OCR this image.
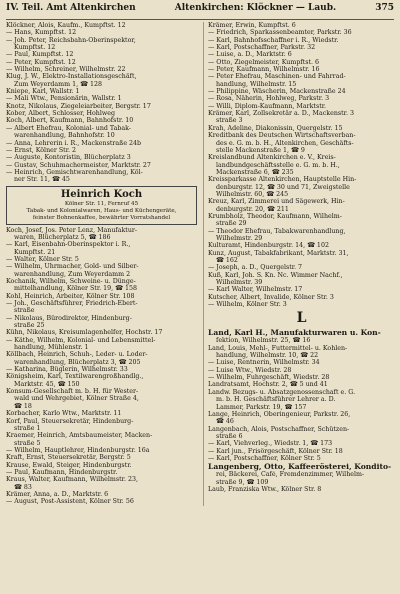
IV. Teil. Amt Altenkirchen	Altenkirchen: Klöckner — Laub.	375
Klöckner, Alois, Kaufm., Kumpftst. 12
— Hans, Kumpftst. 12
— Joh. Peter, Reichsbahn-Oberinspektor,
Kumpftst. 12
— Paul, Kumpftst. 12
— Peter, Kumpftst. 12
— Wilhelm, Schreiner, Wilhelmstr. 22
Klug, J. W., Elektro-Installationsgeschäft,
Zum Weyerdamm 1, ☎ 128
Kniepe, Karl, Wallstr. 1
— Mali Wtw., Pensionärin, Wallstr. 1
Knotz, Nikolaus, Ziegeleiarbeiter, Bergstr. 17
Kober, Albert, Schlosser, Hohlweg
Koch, Albert, Kaufmann, Bahnhofstr. 10
— Albert Ehefrau, Kolonial- und Tabak-
warenhandlung, Bahnhofstr. 10
— Anna, Lehrerin i. R., Mackenstraße 24b
— Ernst, Kölner Str. 2
— Auguste, Kontoristin, Blücherplatz 3
— Gustav, Schuhmachermeister, Marktstr. 27
— Heinrich, Gemischtwarenhandlung, Köl-
ner Str. 11, ☎ 45
Heinrich Koch
Kölner Str. 11, Fernruf 45
Tabak- und Kolonialwaren, Haus- und Küchengeräte,
feinster Bohnenkaffee, bewährter Vorratshandel
Koch, Josef, Jos. Peter Lenz, Manufaktur-
waren, Blücherplatz 5, ☎ 186
— Karl, Eisenbahn-Oberinspektor i. R.,
Kumpftst. 21
— Walter, Kölner Str. 5
— Wilhelm, Uhrmacher, Gold- und Silber-
warenhandlung, Zum Weyerdamm 2
Kochanik, Wilhelm, Schweine- u. Dünge-
mittelhandlung, Kölner Str. 19, ☎ 158
Kohl, Heinrich, Arbeiter, Kölner Str. 108
— Joh., Geschäftsführer, Friedrich-Ebert-
straße
— Nikolaus, Bürodirektor, Hindenburg-
straße 25
Kühn, Nikolaus, Kreisumlagenhelfer, Hochstr. 17
— Käthe, Wilhelm, Kolonial- und Lebensmittel-
handlung, Mühlenstr. 1
Köllbach, Heinrich, Schuh-, Leder- u. Loder-
warenhandlung, Blücherplatz 3, ☎ 205
— Katharina, Büglerin, Wilhelmstr. 33
Königsheim, Karl, Textilwarengroßhandlg.,
Marktstr. 45, ☎ 150
Konsum-Gesellschaft m. b. H. für Wester-
wald und Wehrgebiet, Kölner Straße 4,
☎ 18
Korbacher, Karlo Wtw., Marktstr. 11
Korf, Paul, Steuersekretär, Hindenburg-
straße 1
Kraemer, Heinrich, Amtsbaumeister, Macken-
straße 5
— Wilhelm, Hauptlehrer, Hindenburgstr. 16a
Kraft, Ernst, Steuersekretär, Bergstr. 5
Krause, Ewald, Steiger, Hindenburgstr.
— Paul, Kaufmann, Hindenburgstr.
Kraus, Walter, Kaufmann, Wilhelmstr. 23,
☎ 83
Krämer, Anna, a. D., Marktstr. 6
— August, Post-Assistent, Kölner Str. 56
Krämer, Erwin, Kumpftst. 6
— Friedrich, Sparkassenbeamter, Parkstr. 36
— Karl, Bahnhofsschaffner i. R., Wiedstr.
— Karl, Postschaffner, Parkstr. 32
— Luise, a. D., Marktstr. 6
— Otto, Ziegelmeister, Kumpftst. 6
— Peter, Kaufmann, Wilhelmstr. 16
— Peter Ehefrau, Maschinen- und Fahrrad-
handlung, Wilhelmstr. 15
— Philippine, Wäscherin, Mackenstraße 24
— Rosa, Näherin, Hohlweg, Parkstr. 3
— Willi, Diplom-Kaufmann, Marktstr.
Krämer, Karl, Zollsekretär a. D., Mackenstr. 3
straße 3
Krah, Adeline, Diakonissin, Quergelstr. 15
Kreditbank des Deutschen Wirtschaftsverban-
des e. G. m. b. H., Altenkirchen, Geschäfts-
stelle Mackenstraße 1, ☎ 9
Kreislandbund Altenkirchen e. V., Kreis-
landbundgeschäftsstelle e. G. m. b. H.,
Mackenstraße 6, ☎ 235
Kreissparkasse Altenkirchen, Hauptstelle Hin-
denburgstr. 12, ☎ 30 und 71, Zweigstelle
Wilhelmstr. 60, ☎ 245
Kreuz, Karl, Zimmerei und Sägewerk, Hin-
denburgstr. 20, ☎ 211
Krumbholz, Theodor, Kaufmann, Wilhelm-
straße 29
— Theodor Ehefrau, Tabakwarenhandlung,
Wilhelmstr. 29
Kulturamt, Hindenburgstr. 14, ☎ 102
Kunz, August, Tabakfabrikant, Marktstr. 31,
☎ 162
— Joseph, a. D., Quergelstr. 7
Kuß, Karl, Joh. S. Kn. Nc. Wimmer Nachf.,
Wilhelmstr. 39
— Karl Walter, Wilhelmstr. 17
Kutscher, Albert, Invalide, Kölner Str. 3
— Wilhelm, Kölner Str. 3
L
Land, Karl H., Manufakturwaren u. Kon-
fektion, Wilhelmstr. 25, ☎ 16
Land, Louis, Mehl-, Futtermittel- u. Kohlen-
handlung, Wilhelmstr. 10, ☎ 22
— Luise, Rentnerin, Wilhelmstr. 34
— Luise Wtw., Wiedstr. 28
— Wilhelm, Fuhrgeschäft, Wiedstr. 28
Landratsamt, Hochstr. 2, ☎ 5 und 41
Landw. Bezugs- u. Absatzgenossenschaft e. G.
m. b. H. Geschäftsführer Lehrer a. D.
Lammer, Parkstr. 19, ☎ 157
Lange, Heinrich, Oberingenieur, Parkstr. 26,
☎ 46
Langenbach, Alois, Postschaffner, Schützen-
straße 6
— Karl, Viehverleg., Wiedstr. 1, ☎ 173
— Karl jun., Frisörgeschäft, Kölner Str. 18
— Karl, Postschaffner, Kölner Str. 5
Langenberg, Otto, Kaffeerösterei, Kondito-
rei, Bäckerei, Café, Fremdenzimmer, Wilhelm-
straße 9, ☎ 109
Laub, Franziska Wtw., Kölner Str. 8
